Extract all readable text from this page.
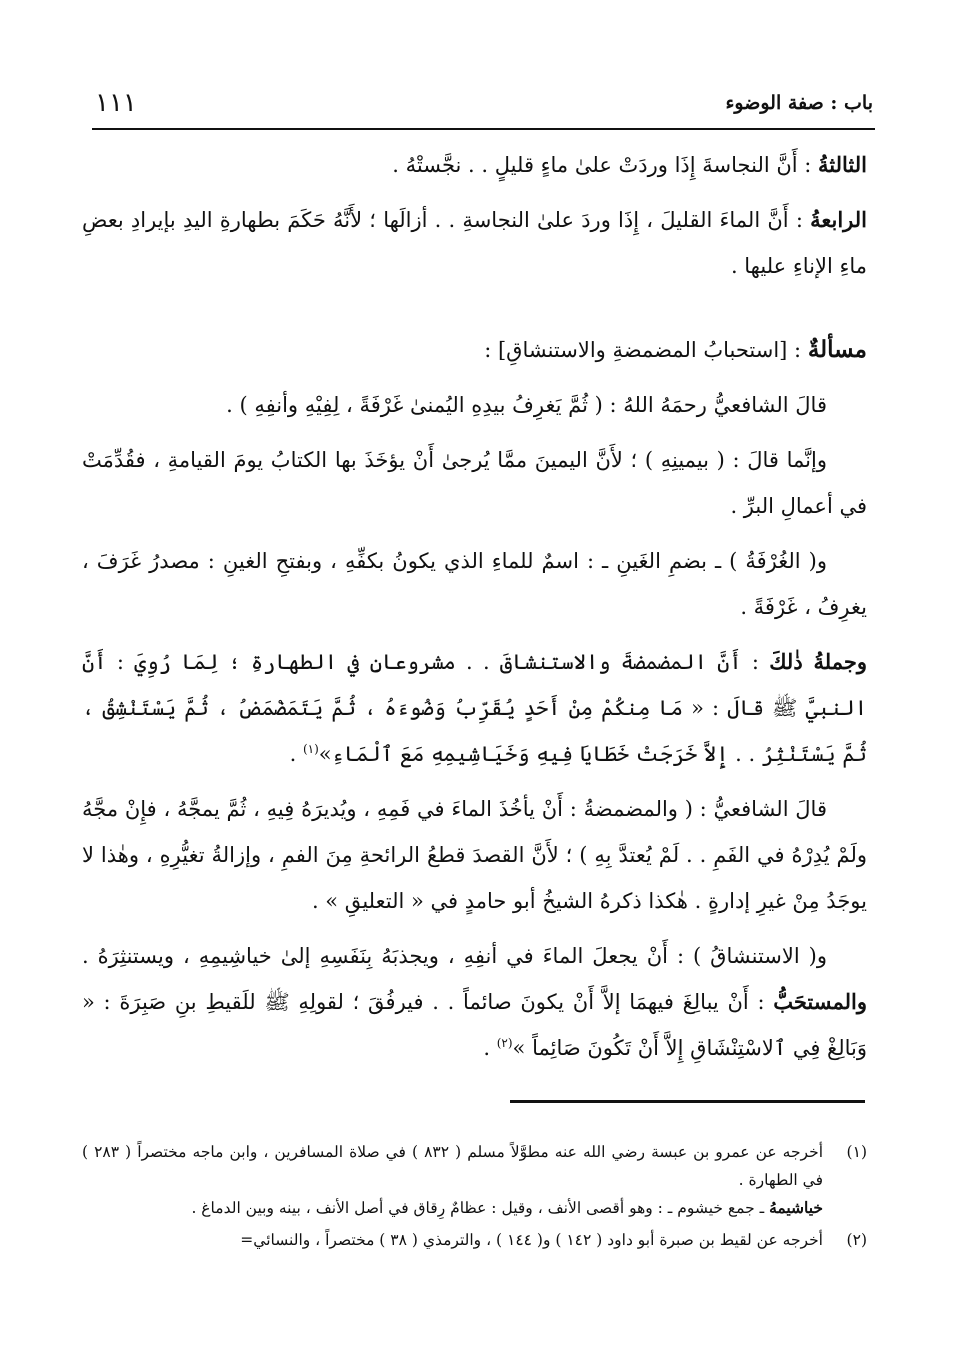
باب : صفة الوضوء
١١١

الثالثةُ : أَنَّ النجاسةَ إِذَا وردَتْ علىٰ ماءٍ قليلٍ . . نجَّستْهُ .

الرابعةُ : أَنَّ الماءَ القليلَ ، إِذَا وردَ علىٰ النجاسةِ . . أزالَها ؛ لأَنَّهُ حَكَمَ بطهارةِ اليدِ بإيرادِ بعضِ ماءِ الإناءِ عليها .

مسألةٌ : [استحبابُ المضمضةِ والاستنشاقِ] :

قالَ الشافعيُّ رحمَهُ اللهُ : ( ثُمَّ يَغرِفُ بيدِهِ اليُمنىٰ غَرْفَةً ، لِفِيْهِ وأنفِهِ ) .

وإنَّما قالَ : ( بيمينِهِ ) ؛ لأَنَّ اليمينَ ممَّا يُرجىٰ أَنْ يؤخَذَ بها الكتابُ يومَ القيامةِ ، فقُدِّمَتْ في أعمالِ البرِّ .

و( الغُرْفَةُ ) ـ بضمِ الغَينِ ـ : اسمٌ للماءِ الذي يكونُ بكفِّهِ ، وبفتحِ الغينِ : مصدرُ غَرَفَ ، يغرِفُ ، غَرْفَةً .

وجملةُ ذٰلكَ : أَنَّ المضمضةَ والاستنشاقَ . . مشروعانِ في الطهارةِ ؛ لِمَا رُوِيَ : أَنَّ النبيَّ ﷺ قالَ : « مَا مِنكُمْ مِنْ أَحَدٍ يُقَرِّبُ وَضُوءَهُ ، ثُمَّ يَتَمَضْمَضُ ، ثُمَّ يَسْتَنْشِقُ ، ثُمَّ يَسْتَنْثِرُ . . إِلاَّ خَرَجَتْ خَطَايَا فِيهِ وَخَيَاشِيمِهِ مَعَ ٱلْمَاءِ»$^{(١)}$ .

قالَ الشافعيُّ : ( والمضمضةُ : أَنْ يأخُذَ الماءَ في فَمِهِ ، ويُديرَهُ فِيهِ ، ثُمَّ يمجَّهُ ، فإِنْ مجَّهُ ولَمْ يُدِرْهُ في الفَمِ . . لَمْ يُعتدَّ بِهِ ) ؛ لأَنَّ القصدَ قطعُ الرائحةِ مِنَ الفمِ ، وإزالةُ تغيُّرِهِ ، وهٰذا لا يوجَدُ مِنْ غيرِ إدارةٍ . هٰكذا ذكرهُ الشيخُ أبو حامدٍ في « التعليقِ » .

و( الاستنشاقُ ) : أَنْ يجعلَ الماءَ في أنفِهِ ، ويجذبَهُ بِنَفَسِهِ إلىٰ خياشِيمِهِ ، ويستنثِرَهُ . والمستحَبُّ : أَنْ يبالِغَ فيهمَا إلاَّ أَنْ يكونَ صائماً . . فيرفُقَ ؛ لقولِهِ ﷺ للَقيطِ بنِ صَبِرَةَ : « وَبَالِغْ فِي ٱلاسْتِنْشَاقِ إِلاَّ أَنْ تَكُونَ صَائِماً »$^{(٢)}$ .

(١)
أخرجه عن عمرو بن عبسة رضي الله عنه مطوَّلاً مسلم ( ٨٣٢ ) في صلاة المسافرين ، وابن ماجه مختصراً ( ٢٨٣ ) في الطهارة .
خياشيمهُ ـ جمع خيشوم ـ : وهو أقصى الأنف ، وقيل : عظامٌ رِقاق في أصل الأنف ، بينه وبين الدماغ .
(٢)
أخرجه عن لقيط بن صبرة أبو داود ( ١٤٢ ) و( ١٤٤ ) ، والترمذي ( ٣٨ ) مختصراً ، والنسائي=
